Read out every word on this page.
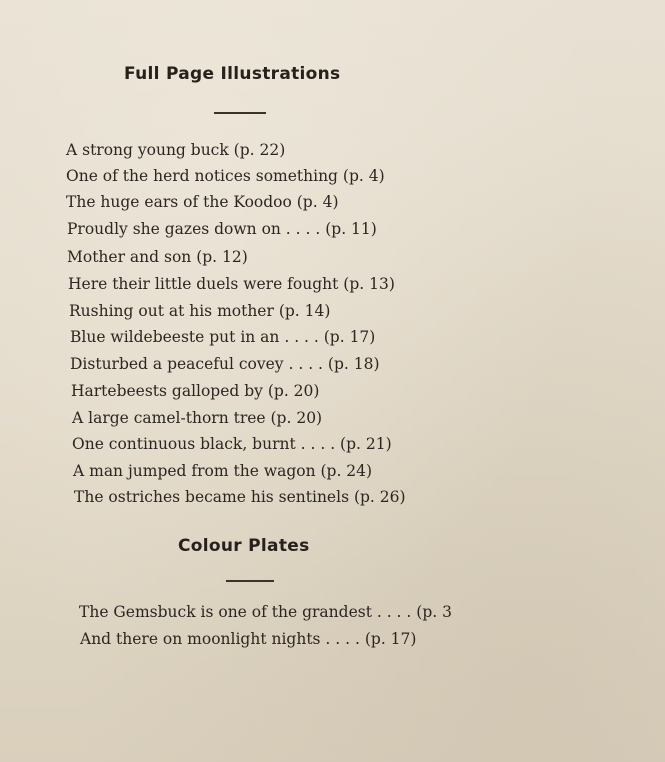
Full Page Illustrations
A strong young buck (p. 22)
One of the herd notices something (p. 4)
The huge ears of the Koodoo (p. 4)
Proudly she gazes down on . . . . (p. 11)
Mother and son (p. 12)
Here their little duels were fought (p. 13)
Rushing out at his mother (p. 14)
Blue wildebeeste put in an . . . . (p. 17)
Disturbed a peaceful covey . . . . (p. 18)
Hartebeests galloped by (p. 20)
A large camel-thorn tree (p. 20)
One continuous black, burnt . . . . (p. 21)
A man jumped from the wagon (p. 24)
The ostriches became his sentinels (p. 26)
Colour Plates
The Gemsbuck is one of the grandest . . . . (p. 3
And there on moonlight nights . . . . (p. 17)
